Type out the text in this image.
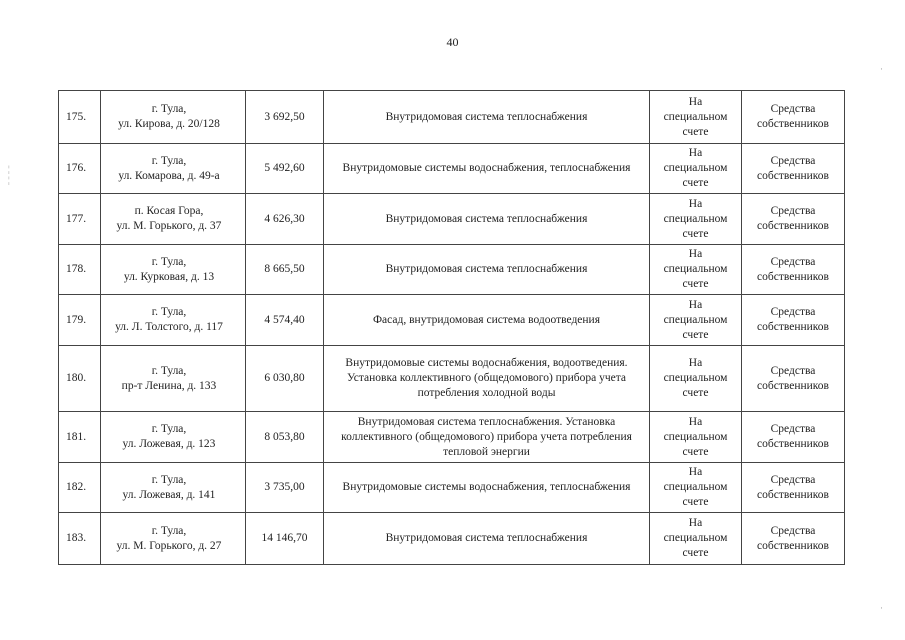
40
¦
¦
·
·
175.	г. Тула,
ул. Кирова, д. 20/128	3 692,50	Внутридомовая система теплоснабжения	На
специальном
счете	Средства
собственников

176.	г. Тула,
ул. Комарова, д. 49-а	5 492,60	Внутридомовые системы водоснабжения, теплоснабжения	На
специальном
счете	Средства
собственников

177.	п. Косая Гора,
ул. М. Горького, д. 37	4 626,30	Внутридомовая система теплоснабжения	На
специальном
счете	Средства
собственников

178.	г. Тула,
ул. Курковая, д. 13	8 665,50	Внутридомовая система теплоснабжения	На
специальном
счете	Средства
собственников

179.	г. Тула,
ул. Л. Толстого, д. 117	4 574,40	Фасад, внутридомовая система водоотведения	На
специальном
счете	Средства
собственников

180.	г. Тула,
пр-т Ленина, д. 133	6 030,80	Внутридомовые системы водоснабжения, водоотведения. Установка коллективного (общедомового) прибора учета потребления холодной воды	На
специальном
счете	Средства
собственников

181.	г. Тула,
ул. Ложевая, д. 123	8 053,80	Внутридомовая система теплоснабжения. Установка коллективного (общедомового) прибора учета потребления тепловой энергии	На
специальном
счете	Средства
собственников

182.	г. Тула,
ул. Ложевая, д. 141	3 735,00	Внутридомовые системы водоснабжения, теплоснабжения	На
специальном
счете	Средства
собственников

183.	г. Тула,
ул. М. Горького, д. 27	14 146,70	Внутридомовая система теплоснабжения	На
специальном
счете	Средства
собственников
